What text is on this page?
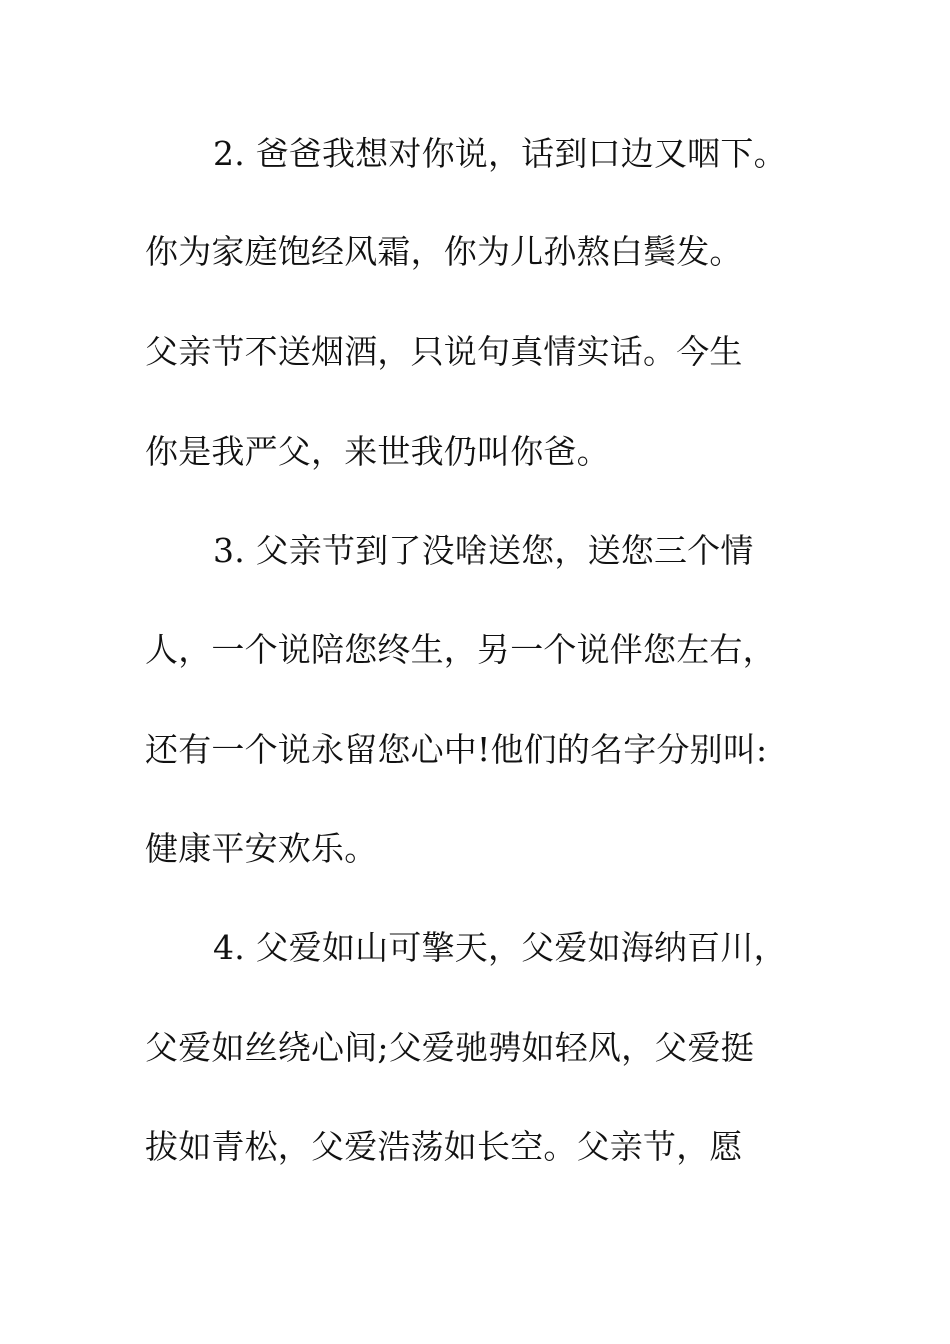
2. 爸爸我想对你说，话到口边又咽下。
你为家庭饱经风霜，你为儿孙熬白鬓发。
父亲节不送烟酒，只说句真情实话。今生
你是我严父，来世我仍叫你爸。
3. 父亲节到了没啥送您，送您三个情
人，一个说陪您终生，另一个说伴您左右，
还有一个说永留您心中!他们的名字分别叫:
健康平安欢乐。
4. 父爱如山可擎天，父爱如海纳百川，
父爱如丝绕心间;父爱驰骋如轻风，父爱挺
拔如青松，父爱浩荡如长空。父亲节，愿
